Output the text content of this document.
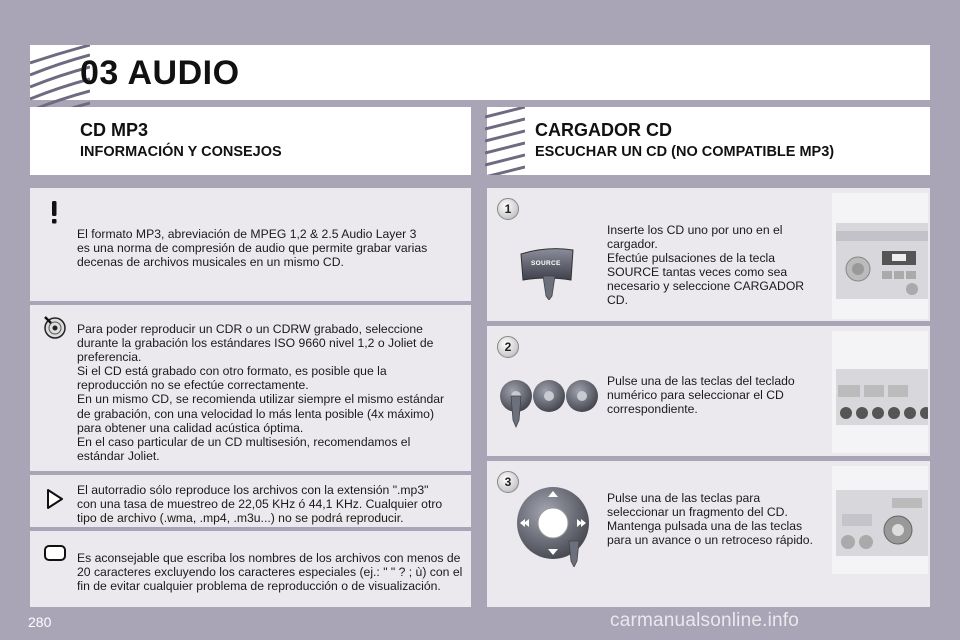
03 AUDIO
CD MP3
INFORMACIÓN Y CONSEJOS
CARGADOR CD
ESCUCHAR UN CD (NO COMPATIBLE MP3)
El formato MP3, abreviación de MPEG 1,2 & 2.5 Audio Layer 3
es una norma de compresión de audio que permite grabar varias
decenas de archivos musicales en un mismo CD.
Para poder reproducir un CDR o un CDRW grabado, seleccione
durante la grabación los estándares ISO 9660 nivel 1,2 o Joliet de
preferencia.
Si el CD está grabado con otro formato, es posible que la
reproducción no se efectúe correctamente.
En un mismo CD, se recomienda utilizar siempre el mismo estándar
de grabación, con una velocidad lo más lenta posible (4x máximo)
para obtener una calidad acústica óptima.
En el caso particular de un CD multisesión, recomendamos el
estándar Joliet.
El autorradio sólo reproduce los archivos con la extensión ".mp3"
con una tasa de muestreo de 22,05 KHz ó 44,1 KHz. Cualquier otro
tipo de archivo (.wma, .mp4, .m3u...) no se podrá reproducir.
Es aconsejable que escriba los nombres de los archivos con menos de
20 caracteres excluyendo los caracteres especiales (ej.: " " ? ; ù) con el
fin de evitar cualquier problema de reproducción o de visualización.
1
SOURCE
Inserte los CD uno por uno en el
cargador.
Efectúe pulsaciones de la tecla
SOURCE tantas veces como sea
necesario y seleccione CARGADOR
CD.
2
Pulse una de las teclas del teclado
numérico para seleccionar el CD
correspondiente.
3
Pulse una de las teclas para
seleccionar un fragmento del CD.
Mantenga pulsada una de las teclas
para un avance o un retroceso rápido.
280	carmanualsonline.info
